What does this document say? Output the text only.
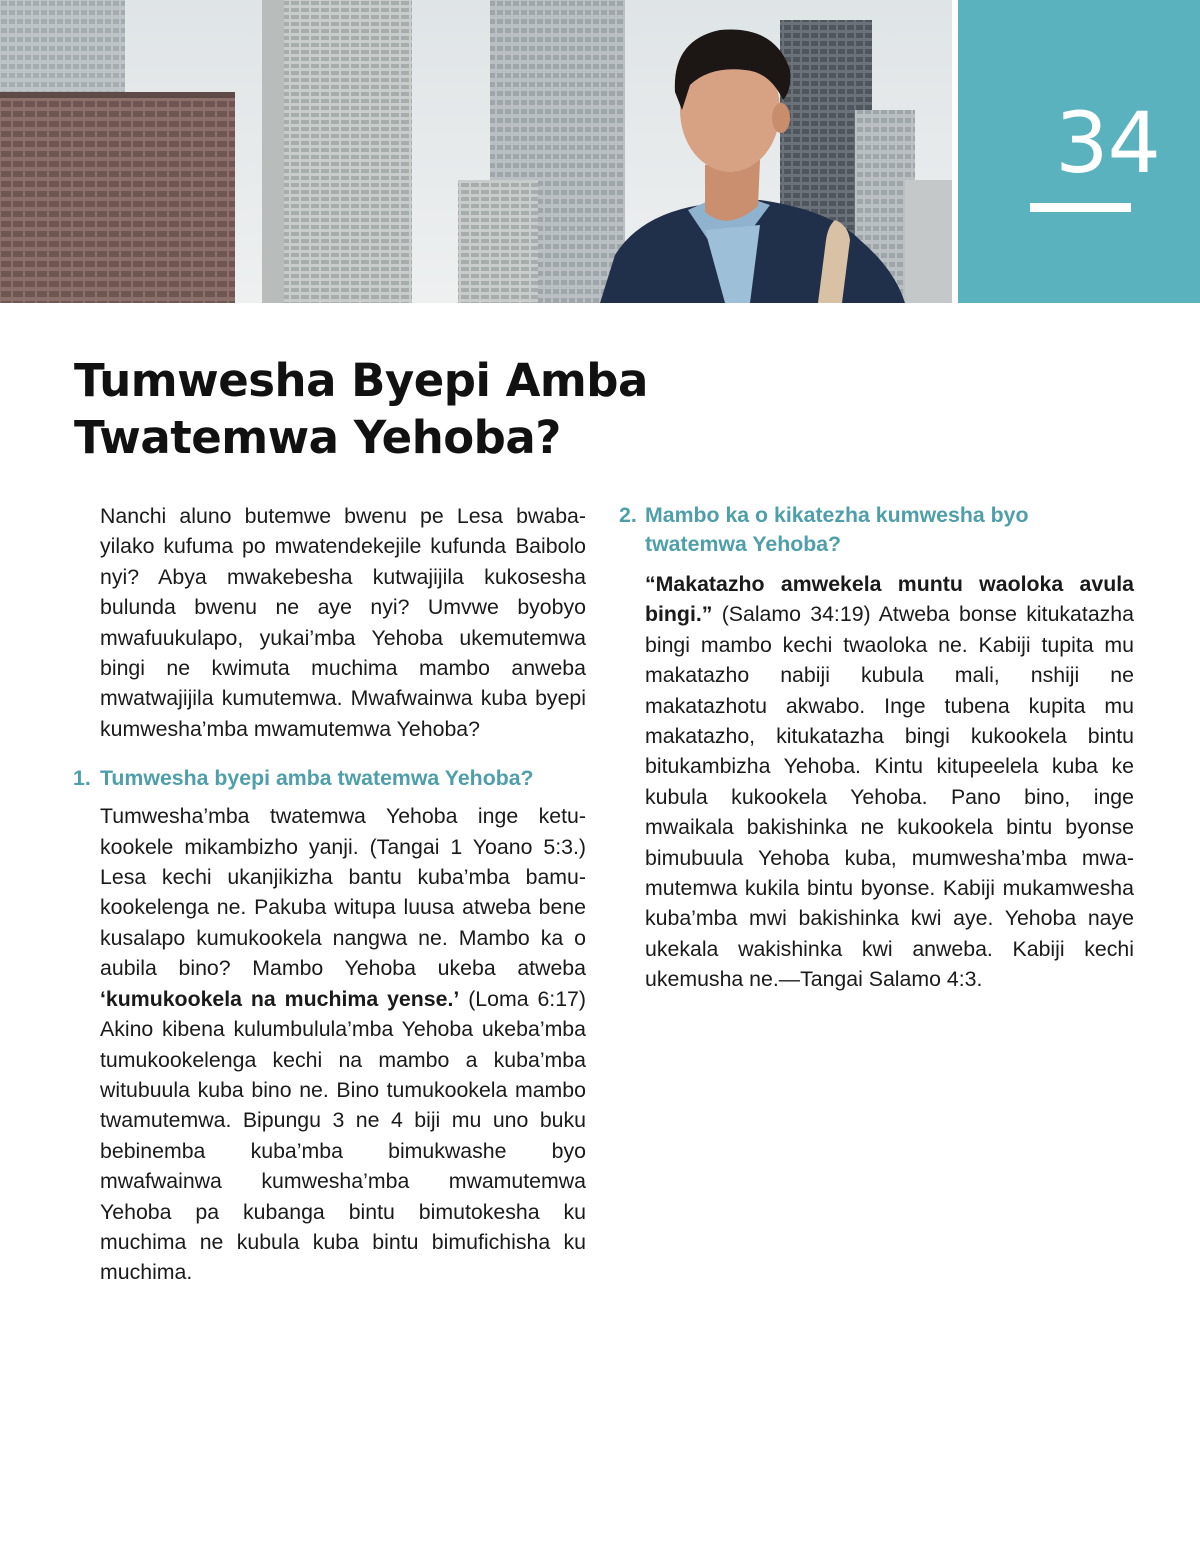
34
Tumwesha Byepi Amba
Twatemwa Yehoba?

Nanchi aluno butemwe bwenu pe Lesa bwabayilako kufuma po mwatendekejile kufunda Baibolo nyi? Abya mwakebesha kutwajijila kukosesha bulunda bwenu ne aye nyi? Umvwe byobyo mwafuukulapo, yukai’mba Yehoba ukemutemwa bingi ne kwimuta muchima mambo anweba mwatwajijila kumutemwa. Mwafwainwa kuba byepi kumwesha’mba mwamutemwa Yehoba?

1. Tumwesha byepi amba twatemwa Yehoba?

Tumwesha’mba twatemwa Yehoba inge ketukookele mikambizho yanji. (Tangai 1 Yoano 5:3.) Lesa kechi ukanjikizha bantu kuba’mba bamukookelenga ne. Pakuba witupa luusa atweba bene kusalapo kumukookela nangwa ne. Mambo ka o aubila bino? Mambo Yehoba ukeba atweba ‘kumukookela na muchima yense.’ (Loma 6:17) Akino kibena kulumbulula’mba Yehoba ukeba’mba tumukookelenga kechi na mambo a kuba’mba witubuula kuba bino ne. Bino tumukookela mambo twamutemwa. Bipungu 3 ne 4 biji mu uno buku bebinemba kuba’mba bimukwashe byo mwafwainwa kumwesha’mba mwamutemwa Yehoba pa kubanga bintu bimutokesha ku muchima ne kubula kuba bintu bimufichisha ku muchima.

2. Mambo ka o kikatezha kumwesha byo twatemwa Yehoba?

“Makatazho amwekela muntu waoloka avula bingi.” (Salamo 34:19) Atweba bonse kitukatazha bingi mambo kechi twaoloka ne. Kabiji tupita mu makatazho nabiji kubula mali, nshiji ne makatazhotu akwabo. Inge tubena kupita mu makatazho, kitukatazha bingi kukookela bintu bitukambizha Yehoba. Kintu kitupeelela kuba ke kubula kukookela Yehoba. Pano bino, inge mwaikala bakishinka ne kukookela bintu byonse bimubuula Yehoba kuba, mumwesha’mba mwamutemwa kukila bintu byonse. Kabiji mukamwesha kuba’mba mwi bakishinka kwi aye. Yehoba naye ukekala wakishinka kwi anweba. Kabiji kechi ukemusha ne.—Tangai Salamo 4:3.
